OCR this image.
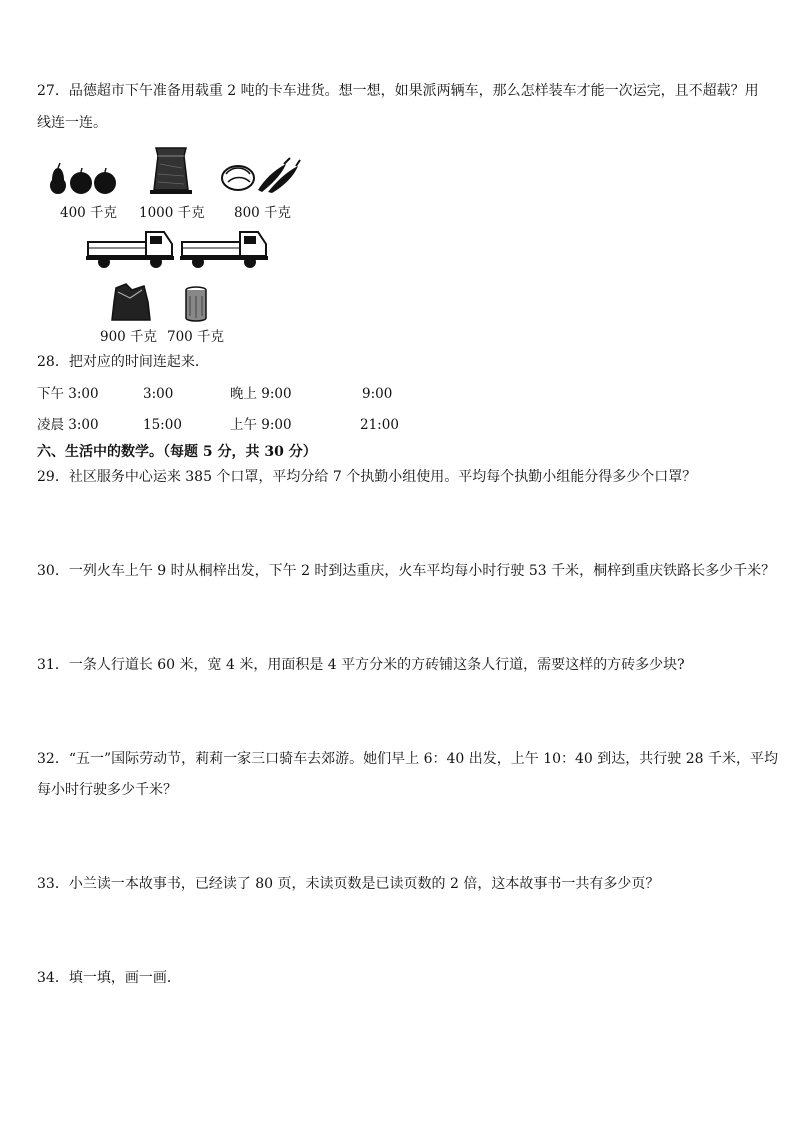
27．品德超市下午准备用载重 2 吨的卡车进货。想一想，如果派两辆车，那么怎样装车才能一次运完，且不超载？用
线连一连。
400 千克 1000 千克 800 千克
900 千克 700 千克
28．把对应的时间连起来．
下午 3:00	3:00	晚上 9:00	9:00
凌晨 3:00	15:00	上午 9:00	21:00
六、生活中的数学。（每题 5 分，共 30 分）
29．社区服务中心运来 385 个口罩，平均分给 7 个执勤小组使用。平均每个执勤小组能分得多少个口罩？
30．一列火车上午 9 时从桐梓出发，下午 2 时到达重庆，火车平均每小时行驶 53 千米，桐梓到重庆铁路长多少千米？
31．一条人行道长 60 米，宽 4 米，用面积是 4 平方分米的方砖铺这条人行道，需要这样的方砖多少块?
32．“五一”国际劳动节，莉莉一家三口骑车去郊游。她们早上 6：40 出发，上午 10：40 到达，共行驶 28 千米，平均
每小时行驶多少千米？
33．小兰读一本故事书，已经读了 80 页，未读页数是已读页数的 2 倍，这本故事书一共有多少页？
34．填一填，画一画．
